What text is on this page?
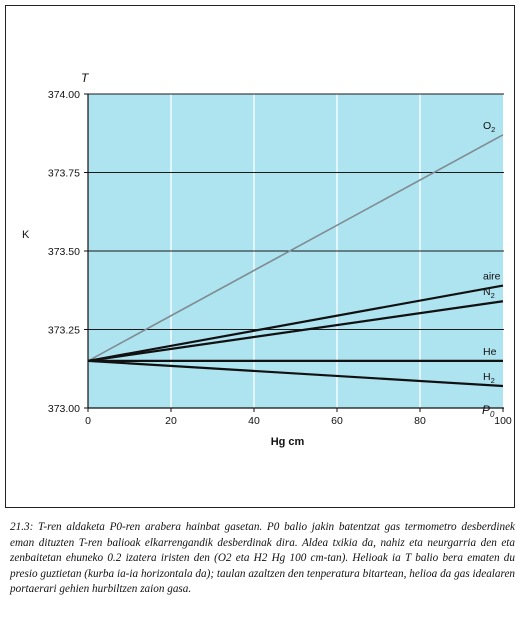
$O_2$
aire
$N_2$
He
$H_2$
373.00
373.25
373.50
373.75
374.00
0	20	40	60	80	100
K
T
Hg cm
$P_0$
21.3: T-ren aldaketa P0-ren arabera hainbat gasetan. P0 balio jakin batentzat gas termometro desberdinek eman dituzten T-ren balioak elkarrengandik desberdinak dira. Aldea txikia da, nahiz eta neurgarria den eta zenbaitetan ehuneko 0.2 izatera iristen den (O2 eta H2 Hg 100 cm-tan). Helioak ia T balio bera ematen du presio guztietan (kurba ia-ia horizontala da); taulan azaltzen den tenperatura bitartean, helioa da gas idealaren portaerari gehien hurbiltzen zaion gasa.
